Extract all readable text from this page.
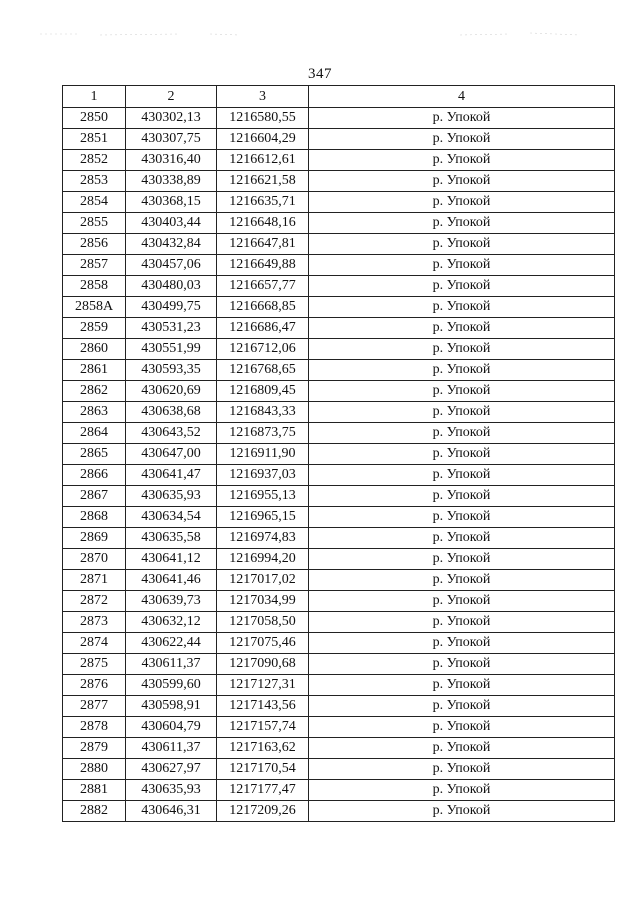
347
1	2	3	4
2850	430302,13	1216580,55	р. Упокой
2851	430307,75	1216604,29	р. Упокой
2852	430316,40	1216612,61	р. Упокой
2853	430338,89	1216621,58	р. Упокой
2854	430368,15	1216635,71	р. Упокой
2855	430403,44	1216648,16	р. Упокой
2856	430432,84	1216647,81	р. Упокой
2857	430457,06	1216649,88	р. Упокой
2858	430480,03	1216657,77	р. Упокой
2858А	430499,75	1216668,85	р. Упокой
2859	430531,23	1216686,47	р. Упокой
2860	430551,99	1216712,06	р. Упокой
2861	430593,35	1216768,65	р. Упокой
2862	430620,69	1216809,45	р. Упокой
2863	430638,68	1216843,33	р. Упокой
2864	430643,52	1216873,75	р. Упокой
2865	430647,00	1216911,90	р. Упокой
2866	430641,47	1216937,03	р. Упокой
2867	430635,93	1216955,13	р. Упокой
2868	430634,54	1216965,15	р. Упокой
2869	430635,58	1216974,83	р. Упокой
2870	430641,12	1216994,20	р. Упокой
2871	430641,46	1217017,02	р. Упокой
2872	430639,73	1217034,99	р. Упокой
2873	430632,12	1217058,50	р. Упокой
2874	430622,44	1217075,46	р. Упокой
2875	430611,37	1217090,68	р. Упокой
2876	430599,60	1217127,31	р. Упокой
2877	430598,91	1217143,56	р. Упокой
2878	430604,79	1217157,74	р. Упокой
2879	430611,37	1217163,62	р. Упокой
2880	430627,97	1217170,54	р. Упокой
2881	430635,93	1217177,47	р. Упокой
2882	430646,31	1217209,26	р. Упокой
